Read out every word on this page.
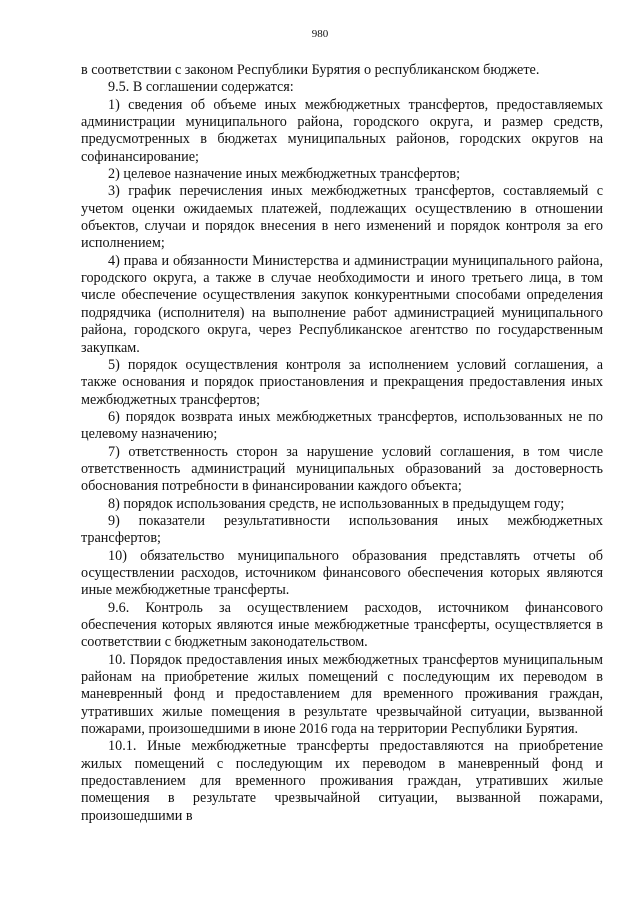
980

в соответствии с законом Республики Бурятия о республиканском бюджете.

9.5. В соглашении содержатся:

1) сведения об объеме иных межбюджетных трансфертов, предоставляемых администрации муниципального района, городского округа, и размер средств, предусмотренных в бюджетах муниципальных районов, городских округов на софинансирование;

2) целевое назначение иных межбюджетных трансфертов;

3) график перечисления иных межбюджетных трансфертов, составляемый с учетом оценки ожидаемых платежей, подлежащих осуществлению в отношении объектов, случаи и порядок внесения в него изменений и порядок контроля за его исполнением;

4) права и обязанности Министерства и администрации муниципального района, городского округа, а также в случае необходимости и иного третьего лица, в том числе обеспечение осуществления закупок конкурентными способами определения подрядчика (исполнителя) на выполнение работ администрацией муниципального района, городского округа, через Республиканское агентство по государственным закупкам.

5) порядок осуществления контроля за исполнением условий соглашения, а также основания и порядок приостановления и прекращения предоставления иных межбюджетных трансфертов;

6) порядок возврата иных межбюджетных трансфертов, использованных не по целевому назначению;

7) ответственность сторон за нарушение условий соглашения, в том числе ответственность администраций муниципальных образований за достоверность обоснования потребности в финансировании каждого объекта;

8) порядок использования средств, не использованных в предыдущем году;

9) показатели результативности использования иных межбюджетных трансфертов;

10) обязательство муниципального образования представлять отчеты об осуществлении расходов, источником финансового обеспечения которых являются иные межбюджетные трансферты.

9.6. Контроль за осуществлением расходов, источником финансового обеспечения которых являются иные межбюджетные трансферты, осуществляется в соответствии с бюджетным законодательством.

10. Порядок предоставления иных межбюджетных трансфертов муниципальным районам на приобретение жилых помещений с последующим их переводом в маневренный фонд и предоставлением для временного проживания граждан, утративших жилые помещения в результате чрезвычайной ситуации, вызванной пожарами, произошедшими в июне 2016 года на территории Республики Бурятия.

10.1. Иные межбюджетные трансферты предоставляются на приобретение жилых помещений с последующим их переводом в маневренный фонд и предоставлением для временного проживания граждан, утративших жилые помещения в результате чрезвычайной ситуации, вызванной пожарами, произошедшими в
